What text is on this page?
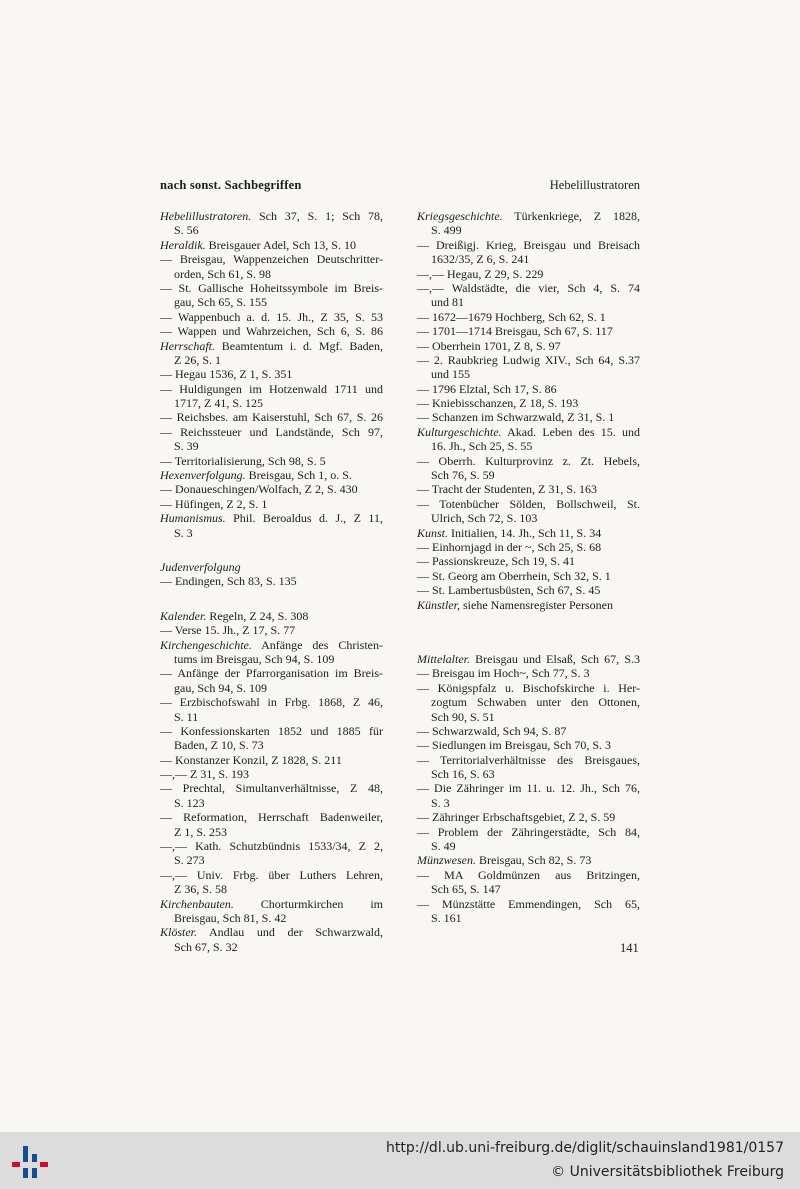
nach sonst. Sachbegriffen	Hebelillustratoren
Hebelillustratoren. Sch 37, S. 1; Sch 78,
S. 56
Heraldik. Breisgauer Adel, Sch 13, S. 10
— Breisgau, Wappenzeichen Deutschritter-
orden, Sch 61, S. 98
— St. Gallische Hoheitssymbole im Breis-
gau, Sch 65, S. 155
— Wappenbuch a. d. 15. Jh., Z 35, S. 53
— Wappen und Wahrzeichen, Sch 6, S. 86
Herrschaft. Beamtentum i. d. Mgf. Baden,
Z 26, S. 1
— Hegau 1536, Z 1, S. 351
— Huldigungen im Hotzenwald 1711 und
1717, Z 41, S. 125
— Reichsbes. am Kaiserstuhl, Sch 67, S. 26
— Reichssteuer und Landstände, Sch 97,
S. 39
— Territorialisierung, Sch 98, S. 5
Hexenverfolgung. Breisgau, Sch 1, o. S.
— Donaueschingen/Wolfach, Z 2, S. 430
— Hüfingen, Z 2, S. 1
Humanismus. Phil. Beroaldus d. J., Z 11,
S. 3
Judenverfolgung
— Endingen, Sch 83, S. 135
Kalender. Regeln, Z 24, S. 308
— Verse 15. Jh., Z 17, S. 77
Kirchengeschichte. Anfänge des Christen-
tums im Breisgau, Sch 94, S. 109
— Anfänge der Pfarrorganisation im Breis-
gau, Sch 94, S. 109
— Erzbischofswahl in Frbg. 1868, Z 46,
S. 11
— Konfessionskarten 1852 und 1885 für
Baden, Z 10, S. 73
— Konstanzer Konzil, Z 1828, S. 211
—,— Z 31, S. 193
— Prechtal, Simultanverhältnisse, Z 48,
S. 123
— Reformation, Herrschaft Badenweiler,
Z 1, S. 253
—,— Kath. Schutzbündnis 1533/34, Z 2,
S. 273
—,— Univ. Frbg. über Luthers Lehren,
Z 36, S. 58
Kirchenbauten. Chorturmkirchen im
Breisgau, Sch 81, S. 42
Klöster. Andlau und der Schwarzwald,
Sch 67, S. 32
Kriegsgeschichte. Türkenkriege, Z 1828,
S. 499
— Dreißigj. Krieg, Breisgau und Breisach
1632/35, Z 6, S. 241
—,— Hegau, Z 29, S. 229
—,— Waldstädte, die vier, Sch 4, S. 74
und 81
— 1672—1679 Hochberg, Sch 62, S. 1
— 1701—1714 Breisgau, Sch 67, S. 117
— Oberrhein 1701, Z 8, S. 97
— 2. Raubkrieg Ludwig XIV., Sch 64, S.37
und 155
— 1796 Elztal, Sch 17, S. 86
— Kniebisschanzen, Z 18, S. 193
— Schanzen im Schwarzwald, Z 31, S. 1
Kulturgeschichte. Akad. Leben des 15. und
16. Jh., Sch 25, S. 55
— Oberrh. Kulturprovinz z. Zt. Hebels,
Sch 76, S. 59
— Tracht der Studenten, Z 31, S. 163
— Totenbücher Sölden, Bollschweil, St.
Ulrich, Sch 72, S. 103
Kunst. Initialien, 14. Jh., Sch 11, S. 34
— Einhornjagd in der ~, Sch 25, S. 68
— Passionskreuze, Sch 19, S. 41
— St. Georg am Oberrhein, Sch 32, S. 1
— St. Lambertusbüsten, Sch 67, S. 45
Künstler, siehe Namensregister Personen
Mittelalter. Breisgau und Elsaß, Sch 67, S.3
— Breisgau im Hoch~, Sch 77, S. 3
— Königspfalz u. Bischofskirche i. Her-
zogtum Schwaben unter den Ottonen,
Sch 90, S. 51
— Schwarzwald, Sch 94, S. 87
— Siedlungen im Breisgau, Sch 70, S. 3
— Territorialverhältnisse des Breisgaues,
Sch 16, S. 63
— Die Zähringer im 11. u. 12. Jh., Sch 76,
S. 3
— Zähringer Erbschaftsgebiet, Z 2, S. 59
— Problem der Zähringerstädte, Sch 84,
S. 49
Münzwesen. Breisgau, Sch 82, S. 73
— MA Goldmünzen aus Britzingen,
Sch 65, S. 147
— Münzstätte Emmendingen, Sch 65,
S. 161
141
http://dl.ub.uni-freiburg.de/diglit/schauinsland1981/0157
© Universitätsbibliothek Freiburg
